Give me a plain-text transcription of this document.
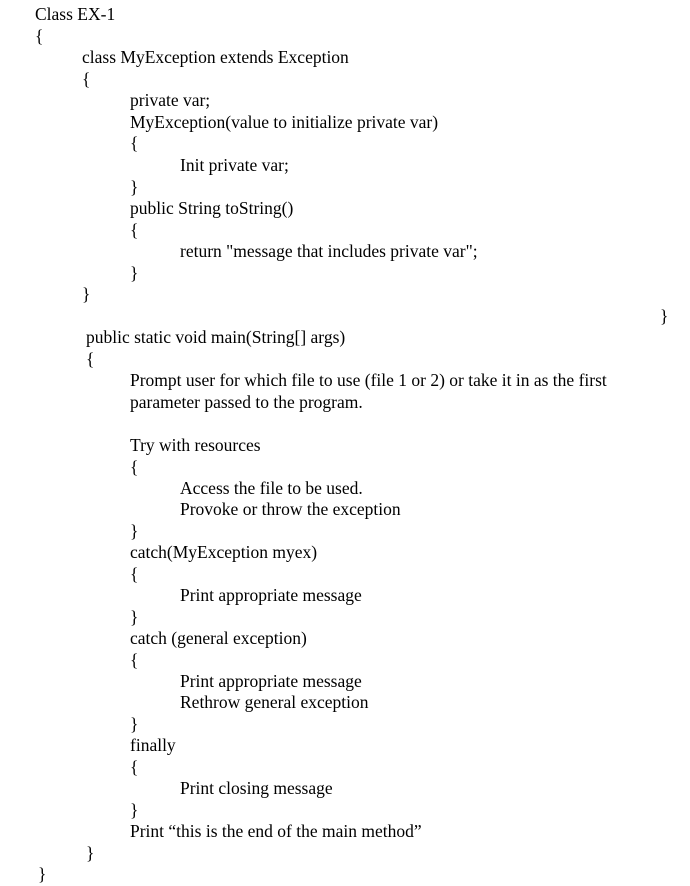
Class EX-1
{
class MyException extends Exception
{
private var;
MyException(value to initialize private var)
{
Init private var;
}
public String toString()
{
return "message that includes private var";
}
}
}
public static void main(String[] args)
{
Prompt user for which file to use (file 1 or 2) or take it in as the first
parameter passed to the program.
Try with resources
{
Access the file to be used.
Provoke or throw the exception
}
catch(MyException myex)
{
Print appropriate message
}
catch (general exception)
{
Print appropriate message
Rethrow general exception
}
finally
{
Print closing message
}
Print “this is the end of the main method”
}
}
